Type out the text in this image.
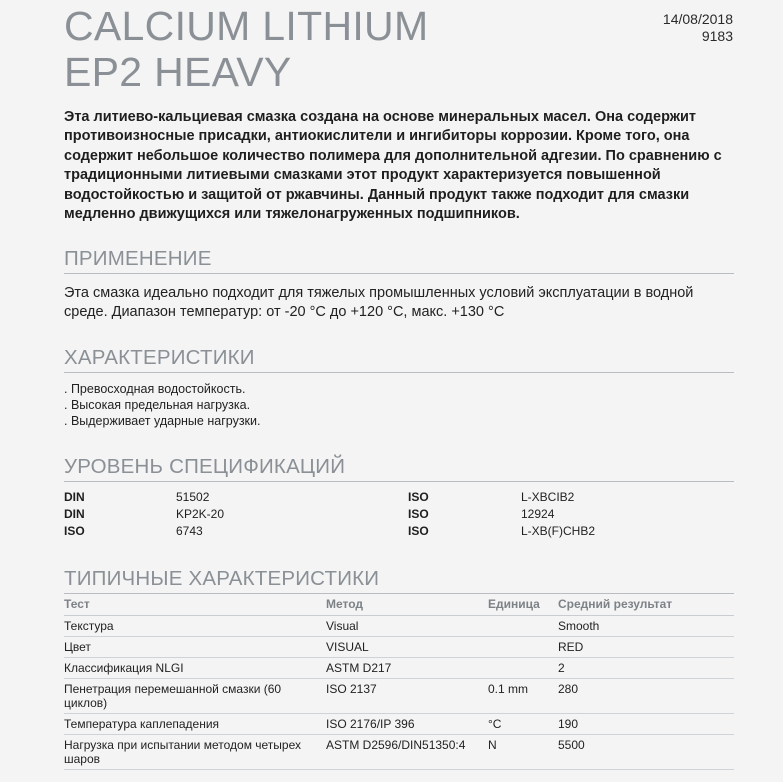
CALCIUM LITHIUM
EP2 HEAVY
14/08/2018
9183
Эта литиево-кальциевая смазка создана на основе минеральных масел. Она содержит противоизносные присадки, антиокислители и ингибиторы коррозии. Кроме того, она содержит небольшое количество полимера для дополнительной адгезии. По сравнению с традиционными литиевыми смазками этот продукт характеризуется повышенной водостойкостью и защитой от ржавчины. Данный продукт также подходит для смазки медленно движущихся или тяжелонагруженных подшипников.
ПРИМЕНЕНИЕ
Эта смазка идеально подходит для тяжелых промышленных условий эксплуатации в водной среде. Диапазон температур: от -20 °C до +120 °C, макс. +130 °C
ХАРАКТЕРИСТИКИ
. Превосходная водостойкость.
. Высокая предельная нагрузка.
. Выдерживает ударные нагрузки.
УРОВЕНЬ СПЕЦИФИКАЦИЙ
DIN	51502	ISO	L-XBCIB2
DIN	KP2K-20	ISO	12924
ISO	6743	ISO	L-XB(F)CHB2
ТИПИЧНЫЕ ХАРАКТЕРИСТИКИ
Тест	Метод	Единица	Средний результат
Текстура	Visual		Smooth
Цвет	VISUAL		RED
Классификация NLGI	ASTM D217		2
Пенетрация перемешанной смазки (60 циклов)	ISO 2137	0.1 mm	280
Температура каплепадения	ISO 2176/IP 396	°C	190
Нагрузка при испытании методом четырех шаров	ASTM D2596/DIN51350:4	N	5500
